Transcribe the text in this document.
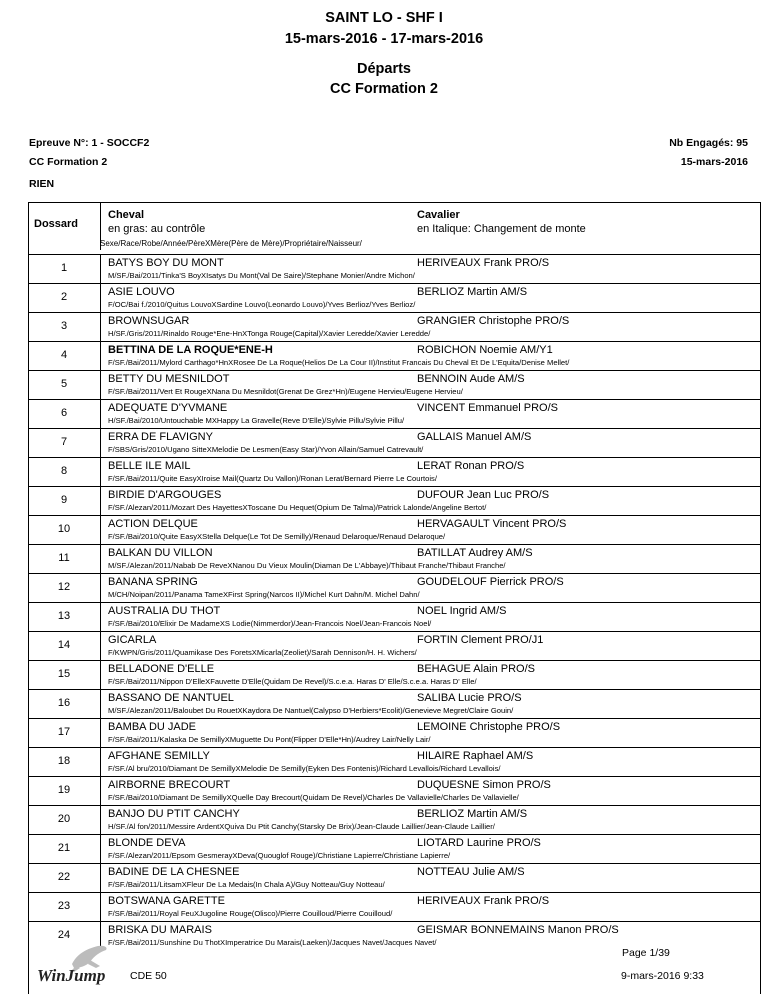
SAINT LO - SHF I
15-mars-2016 - 17-mars-2016
Départs
CC Formation 2
Epreuve N°: 1 - SOCCF2	Nb Engagés: 95
CC Formation 2	15-mars-2016
RIEN
Dossard
Cheval
en gras: au contrôle
Cavalier
en Italique: Changement de monte
Sexe/Race/Robe/Année/PèreXMère(Père de Mère)/Propriétaire/Naisseur/
1	BATYS BOY DU MONT	HERIVEAUX Frank PRO/S
M/SF./Bai/2011/Tinka'S BoyXIsatys Du Mont(Val De Saire)/Stephane Monier/Andre Michon/
2	ASIE LOUVO	BERLIOZ Martin AM/S
F/OC/Bai f./2010/Quitus LouvoXSardine Louvo(Leonardo Louvo)/Yves Berlioz/Yves Berlioz/
3	BROWNSUGAR	GRANGIER Christophe PRO/S
H/SF./Gris/2011/Rinaldo Rouge*Ene-HnXTonga Rouge(Capital)/Xavier Leredde/Xavier Leredde/
4	BETTINA DE LA ROQUE*ENE-H	ROBICHON Noemie AM/Y1
F/SF./Bai/2011/Mylord Carthago*HnXRosee De La Roque(Helios De La Cour II)/Institut Francais Du Cheval Et De L'Equita/Denise Mellet/
5	BETTY DU MESNILDOT	BENNOIN Aude AM/S
F/SF./Bai/2011/Vert Et RougeXNana Du Mesnildot(Grenat De Grez*Hn)/Eugene Hervieu/Eugene Hervieu/
6	ADEQUATE D'YVMANE	VINCENT Emmanuel PRO/S
H/SF./Bai/2010/Untouchable MXHappy La Gravelle(Reve D'Elle)/Sylvie Pillu/Sylvie Pillu/
7	ERRA DE FLAVIGNY	GALLAIS Manuel AM/S
F/SBS/Gris/2010/Ugano SitteXMelodie De Lesmen(Easy Star)/Yvon Allain/Samuel Catrevault/
8	BELLE ILE MAIL	LERAT Ronan PRO/S
F/SF./Bai/2011/Quite EasyXIroise Mail(Quartz Du Vallon)/Ronan Lerat/Bernard Pierre Le Courtois/
9	BIRDIE D'ARGOUGES	DUFOUR Jean Luc PRO/S
F/SF./Alezan/2011/Mozart Des HayettesXToscane Du Hequet(Opium De Talma)/Patrick Lalonde/Angeline Bertot/
10	ACTION DELQUE	HERVAGAULT Vincent PRO/S
F/SF./Bai/2010/Quite EasyXStella Delque(Le Tot De Semilly)/Renaud Delaroque/Renaud Delaroque/
11	BALKAN DU VILLON	BATILLAT Audrey AM/S
M/SF./Alezan/2011/Nabab De ReveXNanou Du Vieux Moulin(Diaman De L'Abbaye)/Thibaut Franche/Thibaut Franche/
12	BANANA SPRING	GOUDELOUF Pierrick PRO/S
M/CH/Noipan/2011/Panama TameXFirst Spring(Narcos II)/Michel Kurt Dahn/M. Michel Dahn/
13	AUSTRALIA DU THOT	NOEL Ingrid AM/S
F/SF./Bai/2010/Elixir De MadameXS Lodie(Nimmerdor)/Jean-Francois Noel/Jean-Francois Noel/
14	GICARLA	FORTIN Clement PRO/J1
F/KWPN/Gris/2011/Quamikase Des ForetsXMicarla(Zeoliet)/Sarah Dennison/H. H. Wichers/
15	BELLADONE D'ELLE	BEHAGUE Alain PRO/S
F/SF./Bai/2011/Nippon D'ElleXFauvette D'Elle(Quidam De Revel)/S.c.e.a. Haras D' Elle/S.c.e.a. Haras D' Elle/
16	BASSANO DE NANTUEL	SALIBA Lucie PRO/S
M/SF./Alezan/2011/Baloubet Du RouetXKaydora De Nantuel(Calypso D'Herbiers*Ecolit)/Genevieve Megret/Claire Gouin/
17	BAMBA DU JADE	LEMOINE Christophe PRO/S
F/SF./Bai/2011/Kalaska De SemillyXMuguette Du Pont(Flipper D'Elle*Hn)/Audrey Lair/Nelly Lair/
18	AFGHANE SEMILLY	HILAIRE Raphael AM/S
F/SF./Al bru/2010/Diamant De SemillyXMelodie De Semilly(Eyken Des Fontenis)/Richard Levallois/Richard Levallois/
19	AIRBORNE BRECOURT	DUQUESNE Simon PRO/S
F/SF./Bai/2010/Diamant De SemillyXQuelle Day Brecourt(Quidam De Revel)/Charles De Vallavielle/Charles De Vallavielle/
20	BANJO DU PTIT CANCHY	BERLIOZ Martin AM/S
H/SF./Al fon/2011/Messire ArdentXQuiva Du Ptit Canchy(Starsky De Brix)/Jean-Claude Laillier/Jean-Claude Laillier/
21	BLONDE DEVA	LIOTARD Laurine PRO/S
F/SF./Alezan/2011/Epsom GesmerayXDeva(Quouglof Rouge)/Christiane Lapierre/Christiane Lapierre/
22	BADINE DE LA CHESNEE	NOTTEAU Julie AM/S
F/SF./Bai/2011/LitsamXFleur De La Medais(In Chala A)/Guy Notteau/Guy Notteau/
23	BOTSWANA GARETTE	HERIVEAUX Frank PRO/S
F/SF./Bai/2011/Royal FeuXJugoline Rouge(Olisco)/Pierre Couilloud/Pierre Couilloud/
24	BRISKA DU MARAIS	GEISMAR BONNEMAINS Manon PRO/S
F/SF./Bai/2011/Sunshine Du ThotXImperatrice Du Marais(Laeken)/Jacques Navet/Jacques Navet/
WinJump CDE 50
Page 1/39
9-mars-2016 9:33
